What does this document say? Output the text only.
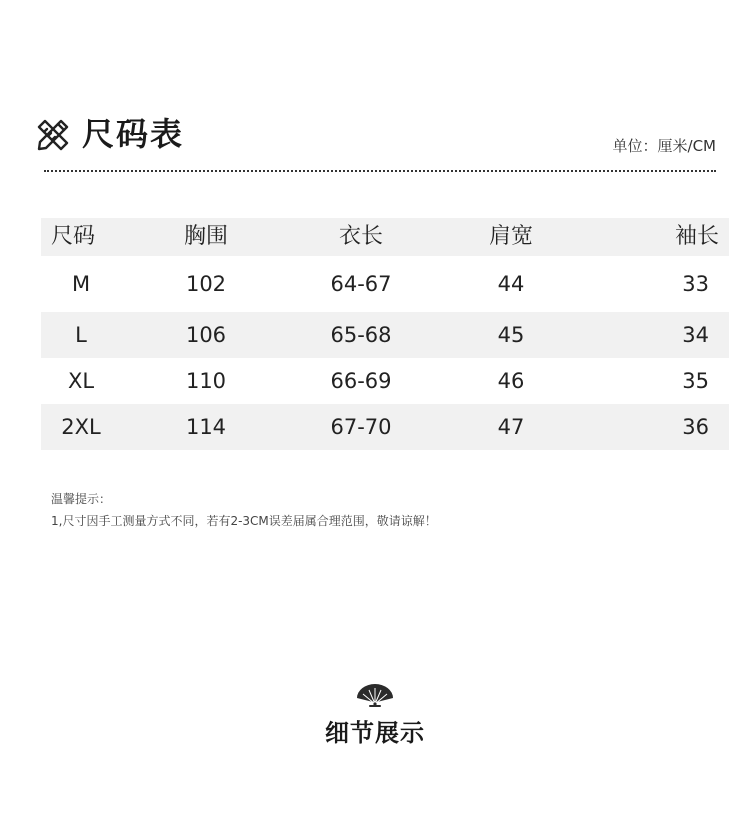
尺码表	单位：厘米/CM
尺码	胸围	衣长	肩宽	袖长
M	102	64-67	44	33
L	106	65-68	45	34
XL	110	66-69	46	35
2XL	114	67-70	47	36
温馨提示：
1,尺寸因手工测量方式不同，若有2-3CM误差届属合理范围，敬请谅解！
细节展示
